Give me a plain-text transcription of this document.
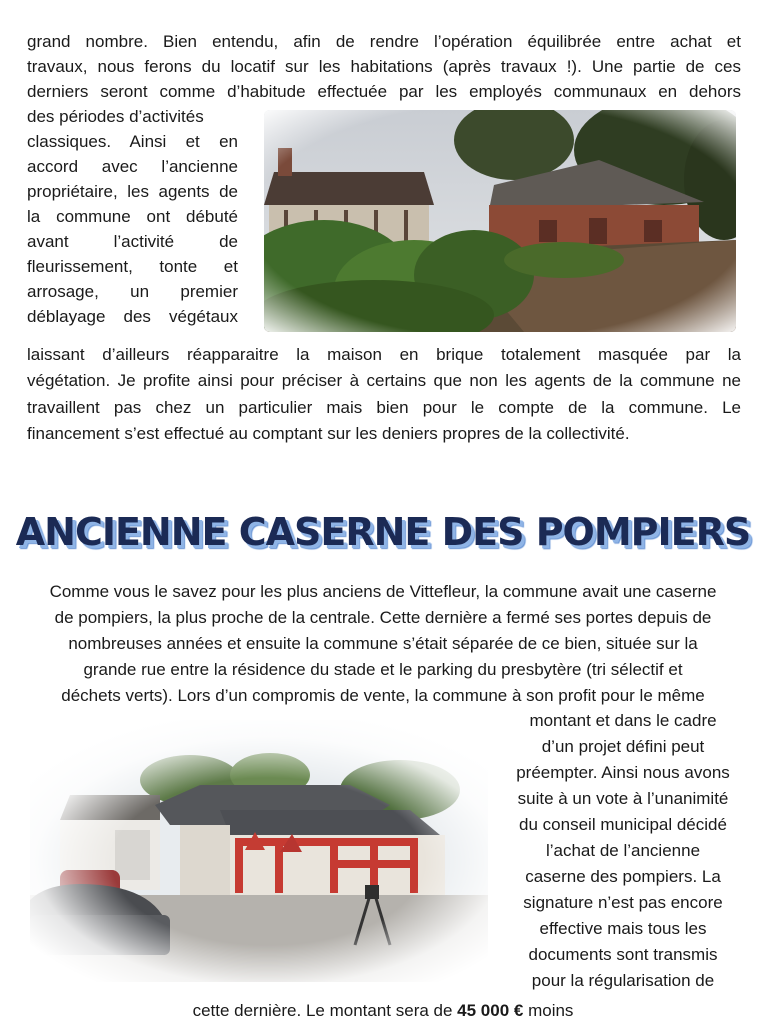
grand nombre. Bien entendu, afin de rendre l’opération équilibrée entre achat et
travaux, nous ferons du locatif sur les habitations (après travaux !). Une partie de ces
derniers seront comme d’habitude effectuée par les employés communaux en dehors
des périodes d’activités
classiques. Ainsi et en
accord avec l’ancienne
propriétaire, les agents de
la commune ont débuté
avant l’activité de
fleurissement, tonte et
arrosage, un premier
déblayage des végétaux
laissant d’ailleurs réapparaitre la maison en brique totalement masquée par la
végétation. Je profite ainsi pour préciser à certains que non les agents de la commune ne
travaillent pas chez un particulier mais bien pour le compte de la commune. Le
financement s’est effectué au comptant sur les deniers propres de la collectivité.
ANCIENNE CASERNE DES POMPIERS
Comme vous le savez pour les plus anciens de Vittefleur, la commune avait une caserne
de pompiers, la plus proche de la centrale. Cette dernière a fermé ses portes depuis de
nombreuses années et ensuite la commune s’était séparée de ce bien, située sur la
grande rue entre la résidence du stade et le parking du presbytère (tri sélectif et
déchets verts). Lors d’un compromis de vente, la commune à son profit pour le même
montant et dans le cadre
d’un projet défini peut
préempter. Ainsi nous avons
suite à un vote à l’unanimité
du conseil municipal décidé
l’achat de l’ancienne
caserne des pompiers. La
signature n’est pas encore
effective mais tous les
documents sont transmis
pour la régularisation de
cette dernière. Le montant sera de 45 000 € moins
